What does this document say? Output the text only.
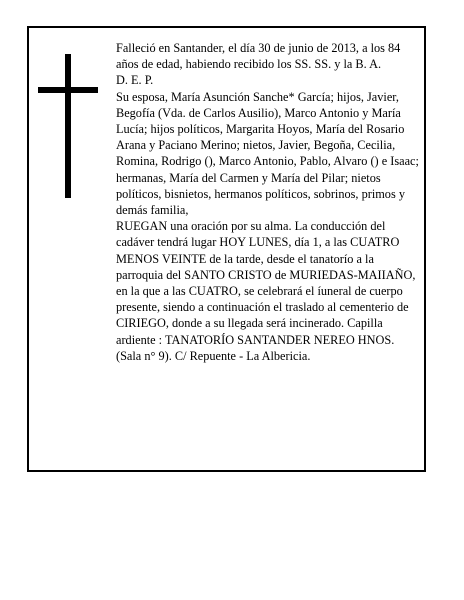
Falleció en Santander, el día 30 de junio de 2013, a los 84 años de edad, habiendo recibido los SS. SS. y la B. A.

D. E. P.

Su esposa, María Asunción Sanche* García; hijos, Javier, Begofía (Vda. de Carlos Ausilio), Marco Antonio y María Lucía; hijos políticos, Margarita Hoyos, María del Rosario Arana y Paciano Merino; nietos, Javier, Begoña, Cecilia, Romina, Rodrigo (), Marco Antonio, Pablo, Alvaro () e Isaac; hermanas, María del Carmen y María del Pilar; nietos políticos, bisnietos, hermanos políticos, sobrinos, primos y demás familia,

RUEGAN una oración por su alma. La conducción del cadáver tendrá lugar HOY LUNES, día 1, a las CUATRO MENOS VEINTE de la tarde, desde el tanatorío a la parroquia del SANTO CRISTO de MURIEDAS-MAIIAÑO, en la que a las CUATRO, se celebrará el íuneral de cuerpo presente, siendo a continuación el traslado al cementerio de CIRIEGO, donde a su llegada será incinerado. Capilla ardiente : TANATORÍO SANTANDER NEREO HNOS. (Sala n° 9). C/ Repuente - La Albericia.
